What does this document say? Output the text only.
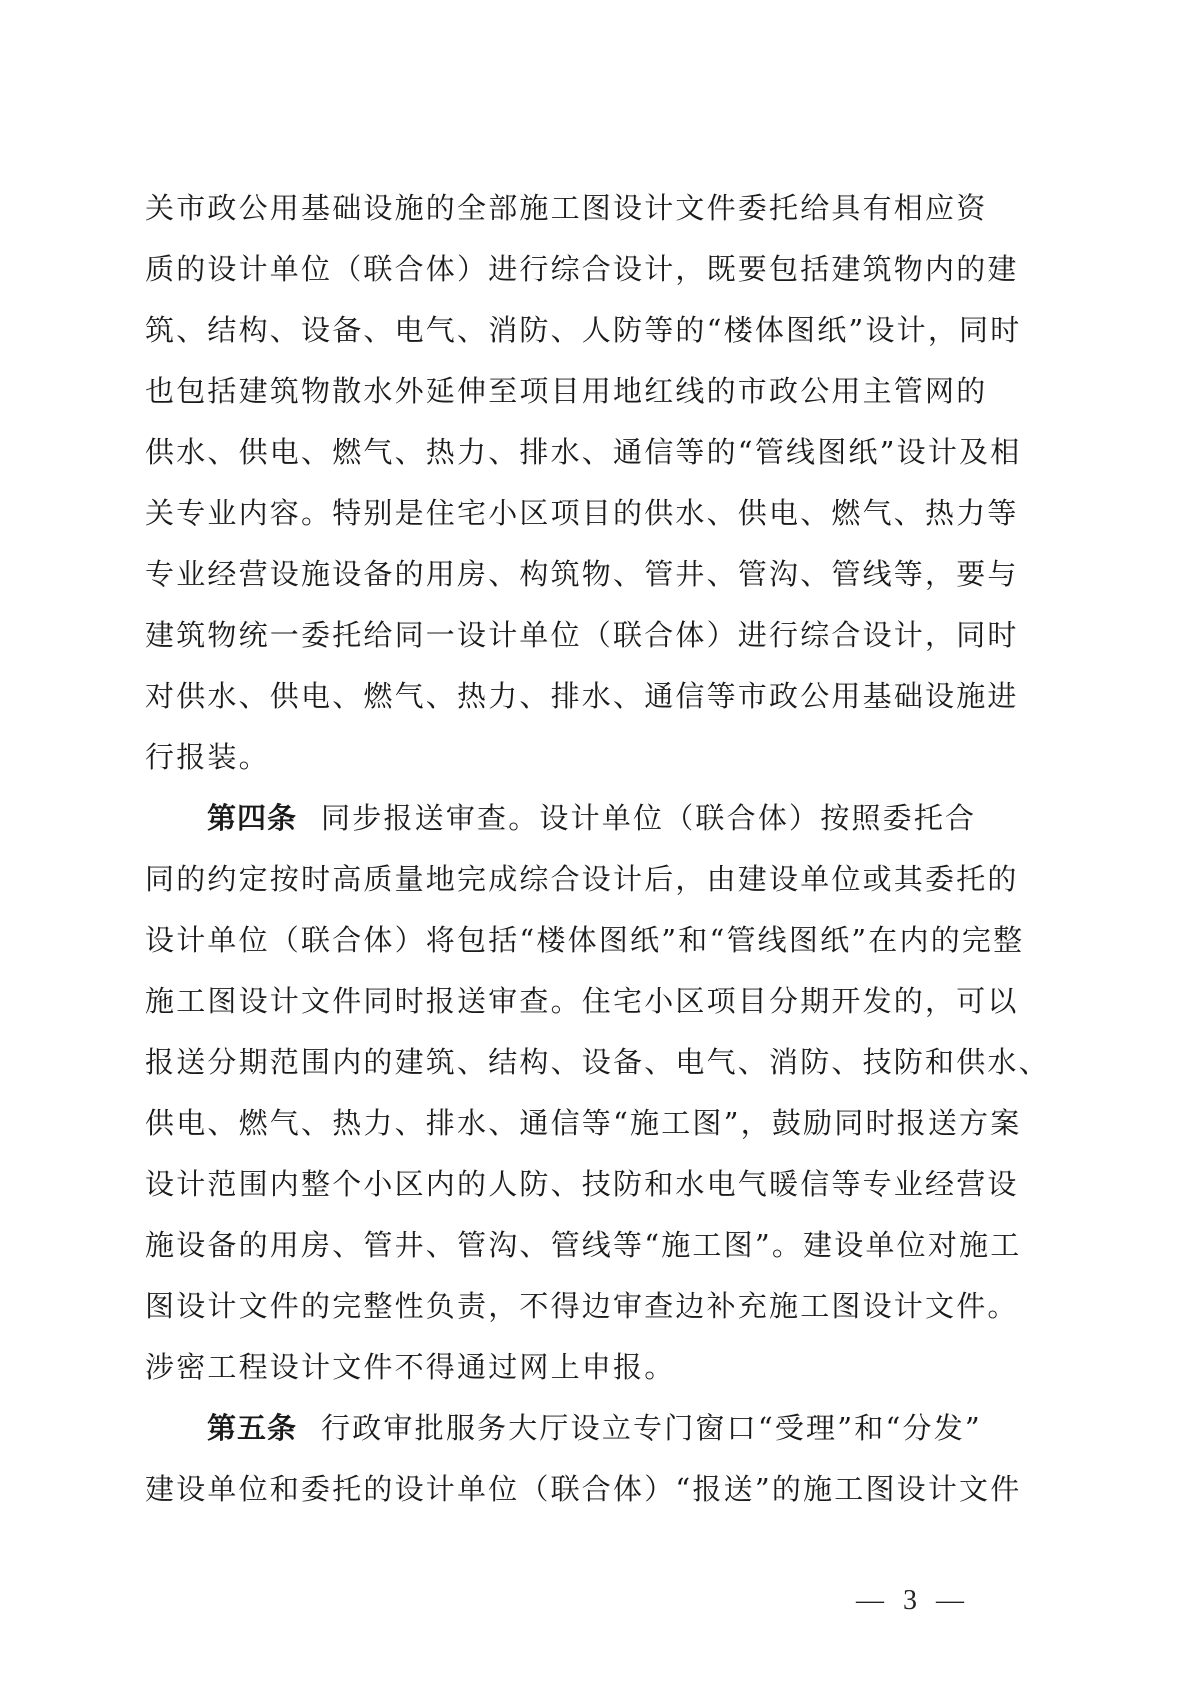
关市政公用基础设施的全部施工图设计文件委托给具有相应资
质的设计单位（联合体）进行综合设计，既要包括建筑物内的建
筑、结构、设备、电气、消防、人防等的“楼体图纸”设计，同时
也包括建筑物散水外延伸至项目用地红线的市政公用主管网的
供水、供电、燃气、热力、排水、通信等的“管线图纸”设计及相
关专业内容。特别是住宅小区项目的供水、供电、燃气、热力等
专业经营设施设备的用房、构筑物、管井、管沟、管线等，要与
建筑物统一委托给同一设计单位（联合体）进行综合设计，同时
对供水、供电、燃气、热力、排水、通信等市政公用基础设施进
行报装。
第四条 同步报送审查。设计单位（联合体）按照委托合
同的约定按时高质量地完成综合设计后，由建设单位或其委托的
设计单位（联合体）将包括“楼体图纸”和“管线图纸”在内的完整
施工图设计文件同时报送审查。住宅小区项目分期开发的，可以
报送分期范围内的建筑、结构、设备、电气、消防、技防和供水、
供电、燃气、热力、排水、通信等“施工图”，鼓励同时报送方案
设计范围内整个小区内的人防、技防和水电气暖信等专业经营设
施设备的用房、管井、管沟、管线等“施工图”。建设单位对施工
图设计文件的完整性负责，不得边审查边补充施工图设计文件。
涉密工程设计文件不得通过网上申报。
第五条 行政审批服务大厅设立专门窗口“受理”和“分发”
建设单位和委托的设计单位（联合体）“报送”的施工图设计文件
— 3 —
